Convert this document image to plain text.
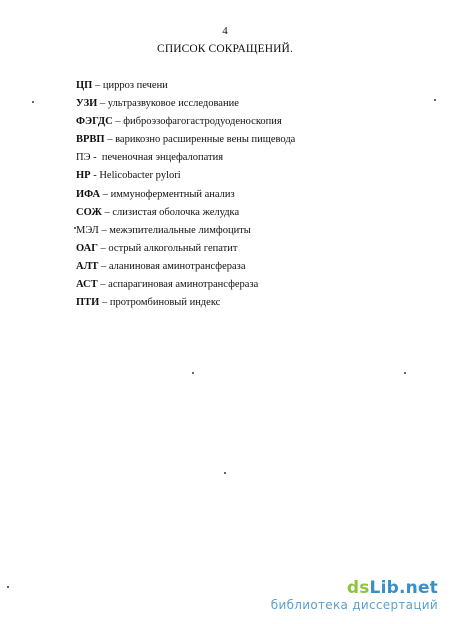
4
СПИСОК СОКРАЩЕНИЙ.
ЦП – цирроз печени
УЗИ – ультразвуковое исследование
ФЭГДС – фиброэзофагогастродуоденоскопия
ВРВП – варикозно расширенные вены пищевода
ПЭ -  печеночная энцефалопатия
HP - Helicobacter pylori
ИФА – иммуноферментный анализ
СОЖ – слизистая оболочка желудка
МЭЛ – межэпителиальные лимфоциты
ОАГ – острый алкогольный гепатит
АЛТ – аланиновая аминотрансфераза
АСТ – аспарагиновая аминотрансфераза
ПТИ – протромбиновый индекс
dsLib.net
библиотека диссертаций
